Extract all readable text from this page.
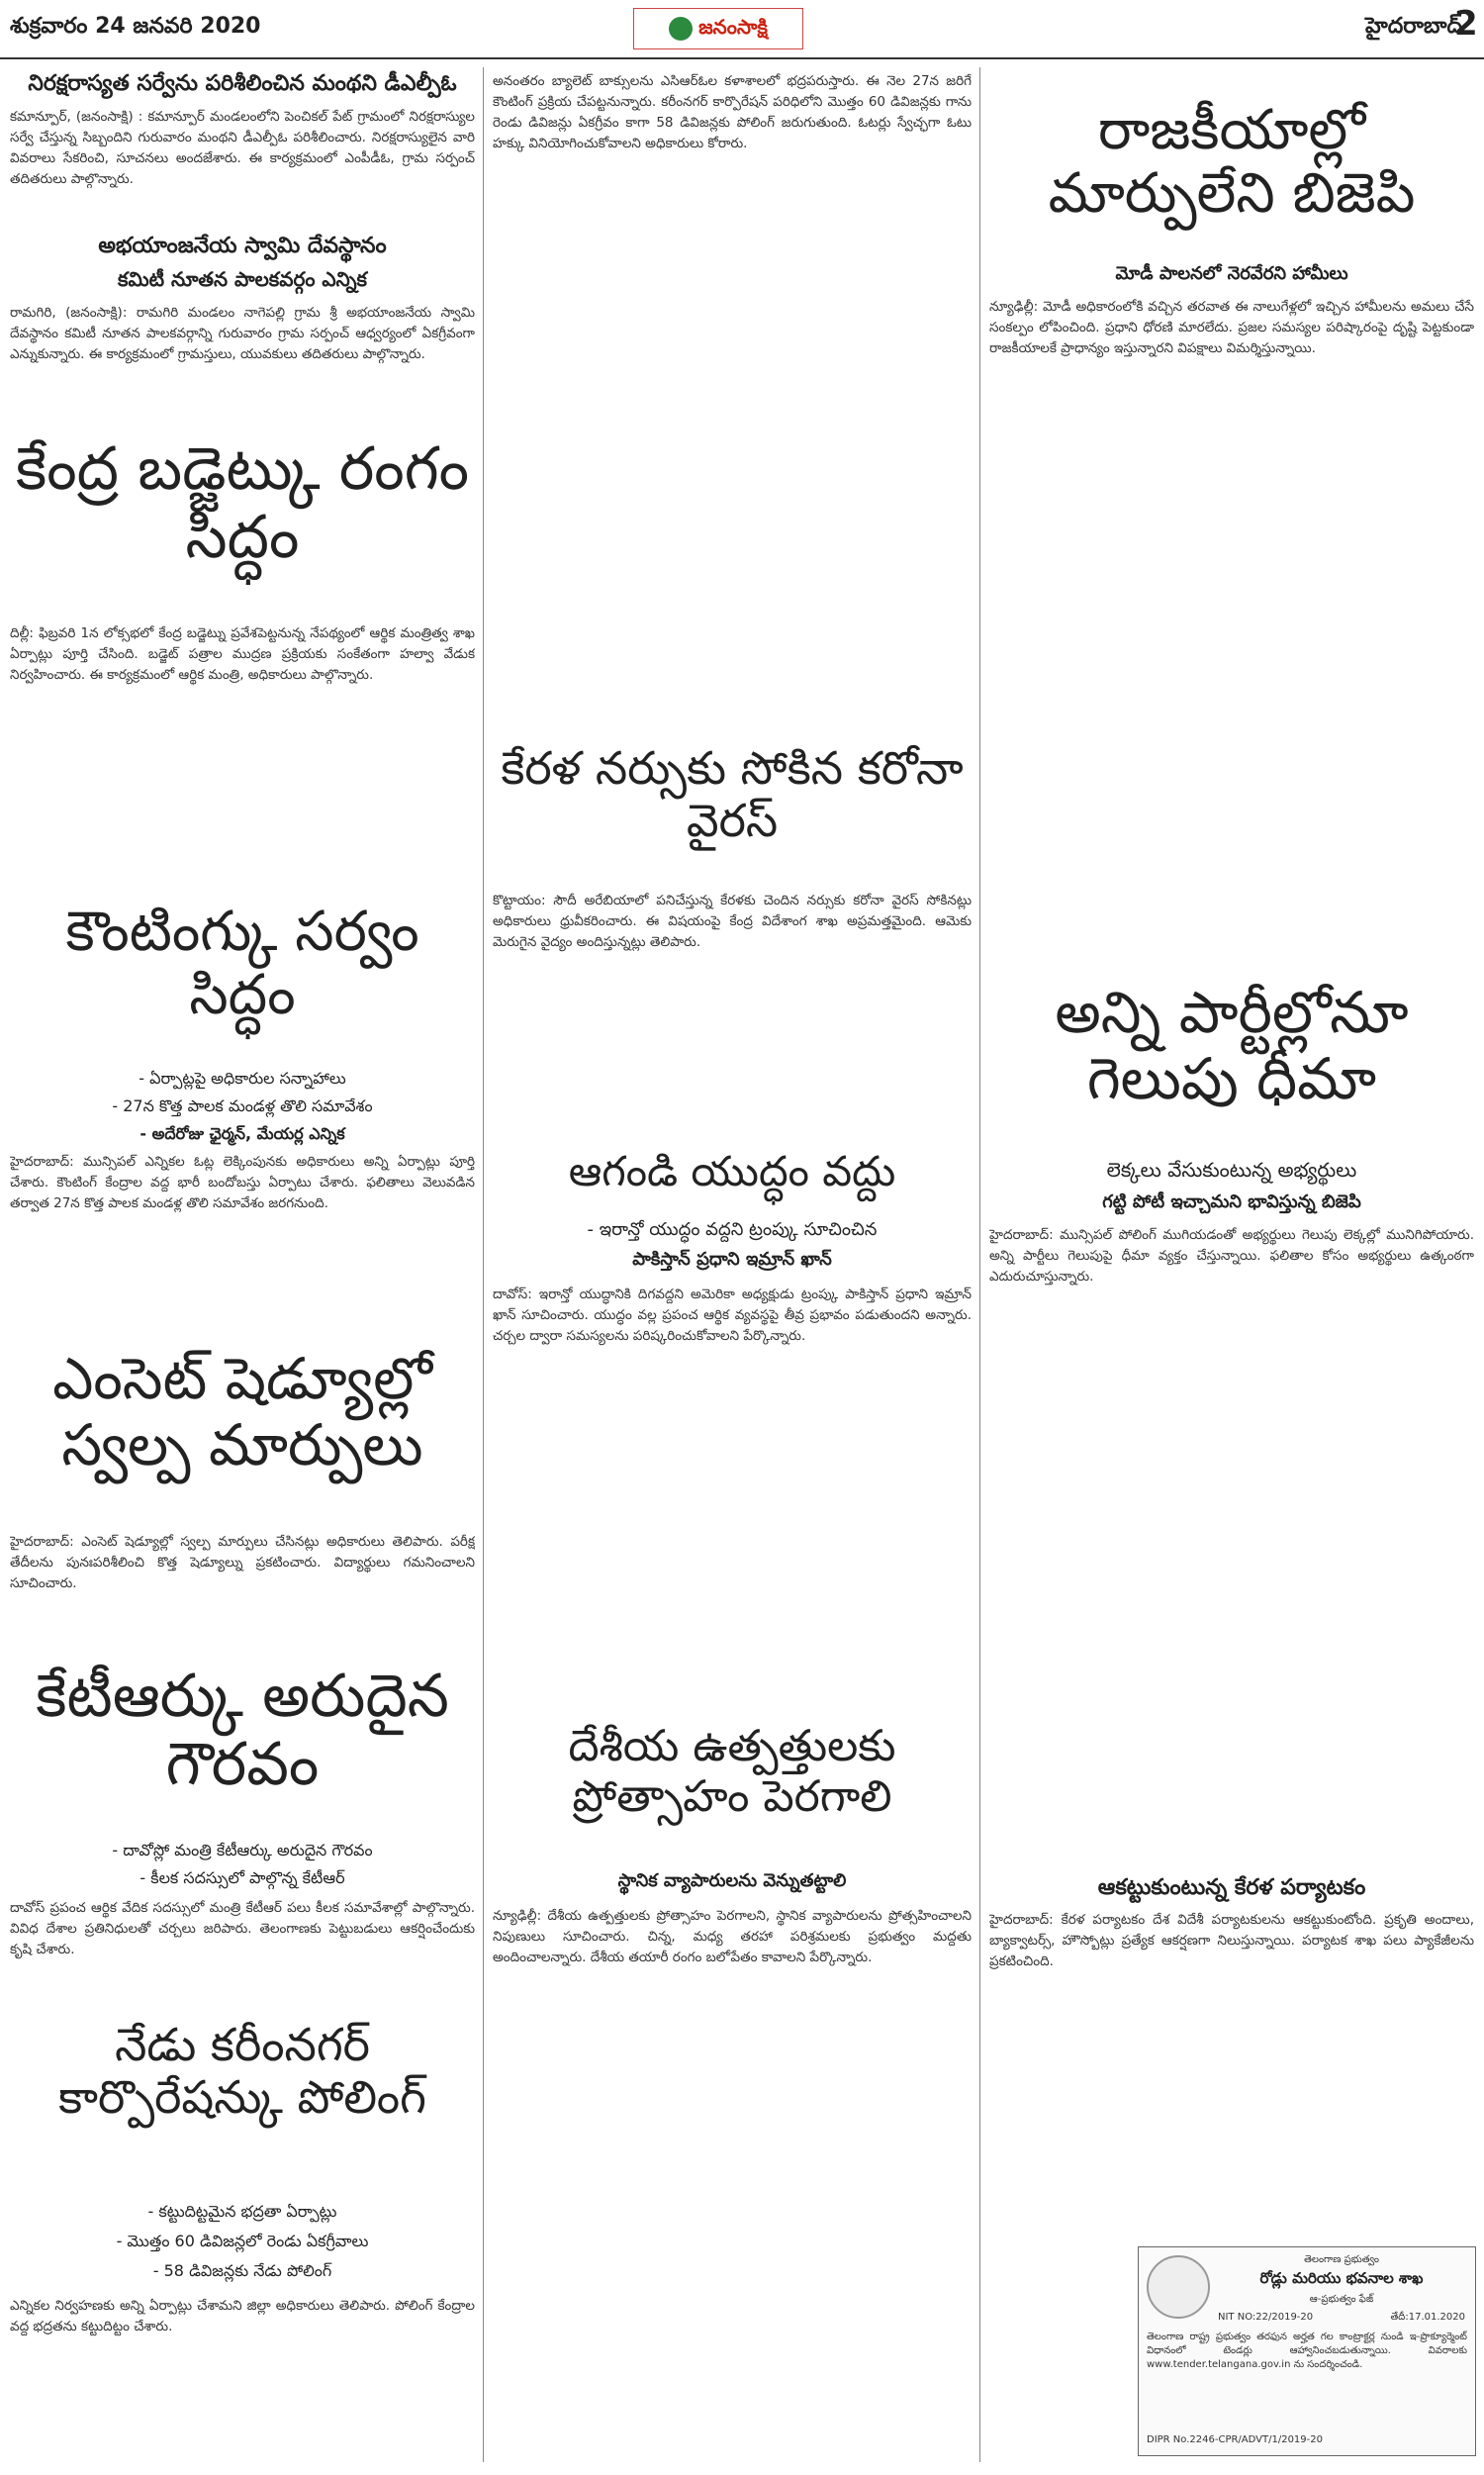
శుక్రవారం 24 జనవరి 2020	జనంసాక్షి	హైదరాబాద్
2
నిరక్షరాస్యత సర్వేను పరిశీలించిన మంథని డీఎల్పీఓ
కమాన్పూర్, (జనంసాక్షి) : కమాన్పూర్ మండలంలోని పెంచికల్ పేట్ గ్రామంలో నిరక్షరాస్యుల సర్వే చేస్తున్న సిబ్బందిని గురువారం మంథని డీఎల్పీఓ పరిశీలించారు. నిరక్షరాస్యులైన వారి వివరాలు సేకరించి, సూచనలు అందజేశారు. ఈ కార్యక్రమంలో ఎంపీడీఓ, గ్రామ సర్పంచ్ తదితరులు పాల్గొన్నారు.
అభయాంజనేయ స్వామి దేవస్థానం
కమిటీ నూతన పాలకవర్గం ఎన్నిక
రామగిరి, (జనంసాక్షి): రామగిరి మండలం నాగెపల్లి గ్రామ శ్రీ అభయాంజనేయ స్వామి దేవస్థానం కమిటీ నూతన పాలకవర్గాన్ని గురువారం గ్రామ సర్పంచ్ ఆధ్వర్యంలో ఏకగ్రీవంగా ఎన్నుకున్నారు. ఈ కార్యక్రమంలో గ్రామస్తులు, యువకులు తదితరులు పాల్గొన్నారు.
కేంద్ర బడ్జెట్కు రంగం సిద్ధం
దిల్లీ: ఫిబ్రవరి 1న లోక్సభలో కేంద్ర బడ్జెట్ను ప్రవేశపెట్టనున్న నేపథ్యంలో ఆర్థిక మంత్రిత్వ శాఖ ఏర్పాట్లు పూర్తి చేసింది. బడ్జెట్ పత్రాల ముద్రణ ప్రక్రియకు సంకేతంగా హల్వా వేడుక నిర్వహించారు. ఈ కార్యక్రమంలో ఆర్థిక మంత్రి, అధికారులు పాల్గొన్నారు.
కౌంటింగ్కు సర్వం సిద్ధం
- ఏర్పాట్లపై అధికారుల సన్నాహాలు
- 27న కొత్త పాలక మండళ్ల తొలి సమావేశం
- అదేరోజు ఛైర్మన్, మేయర్ల ఎన్నిక
హైదరాబాద్: మున్సిపల్ ఎన్నికల ఓట్ల లెక్కింపునకు అధికారులు అన్ని ఏర్పాట్లు పూర్తి చేశారు. కౌంటింగ్ కేంద్రాల వద్ద భారీ బందోబస్తు ఏర్పాటు చేశారు. ఫలితాలు వెలువడిన తర్వాత 27న కొత్త పాలక మండళ్ల తొలి సమావేశం జరగనుంది.
ఎంసెట్ షెడ్యూల్లో స్వల్ప మార్పులు
హైదరాబాద్: ఎంసెట్ షెడ్యూల్లో స్వల్ప మార్పులు చేసినట్లు అధికారులు తెలిపారు. పరీక్ష తేదీలను పునఃపరిశీలించి కొత్త షెడ్యూల్ను ప్రకటించారు. విద్యార్థులు గమనించాలని సూచించారు.
కేటీఆర్కు అరుదైన గౌరవం
- దావోస్లో మంత్రి కేటీఆర్కు అరుదైన గౌరవం
- కీలక సదస్సులో పాల్గొన్న కేటీఆర్
దావోస్ ప్రపంచ ఆర్థిక వేదిక సదస్సులో మంత్రి కేటీఆర్ పలు కీలక సమావేశాల్లో పాల్గొన్నారు. వివిధ దేశాల ప్రతినిధులతో చర్చలు జరిపారు. తెలంగాణకు పెట్టుబడులు ఆకర్షించేందుకు కృషి చేశారు.
నేడు కరీంనగర్ కార్పొరేషన్కు పోలింగ్
- కట్టుదిట్టమైన భద్రతా ఏర్పాట్లు
- మొత్తం 60 డివిజన్లలో రెండు ఏకగ్రీవాలు
- 58 డివిజన్లకు నేడు పోలింగ్
ఎన్నికల నిర్వహణకు అన్ని ఏర్పాట్లు చేశామని జిల్లా అధికారులు తెలిపారు. పోలింగ్ కేంద్రాల వద్ద భద్రతను కట్టుదిట్టం చేశారు.
అనంతరం బ్యాలెట్ బాక్సులను ఎసిఆర్ఓల కళాశాలలో భద్రపరుస్తారు. ఈ నెల 27న జరిగే కౌంటింగ్ ప్రక్రియ చేపట్టనున్నారు. కరీంనగర్ కార్పొరేషన్ పరిధిలోని మొత్తం 60 డివిజన్లకు గాను రెండు డివిజన్లు ఏకగ్రీవం కాగా 58 డివిజన్లకు పోలింగ్ జరుగుతుంది. ఓటర్లు స్వేచ్ఛగా ఓటు హక్కు వినియోగించుకోవాలని అధికారులు కోరారు.
కేరళ నర్సుకు సోకిన కరోనా వైరస్
కొట్టాయం: సౌదీ అరేబియాలో పనిచేస్తున్న కేరళకు చెందిన నర్సుకు కరోనా వైరస్ సోకినట్లు అధికారులు ధ్రువీకరించారు. ఈ విషయంపై కేంద్ర విదేశాంగ శాఖ అప్రమత్తమైంది. ఆమెకు మెరుగైన వైద్యం అందిస్తున్నట్లు తెలిపారు.
ఆగండి యుద్ధం వద్దు
- ఇరాన్తో యుద్ధం వద్దని ట్రంప్కు సూచించిన
పాకిస్తాన్ ప్రధాని ఇమ్రాన్ ఖాన్
దావోస్: ఇరాన్తో యుద్ధానికి దిగవద్దని అమెరికా అధ్యక్షుడు ట్రంప్కు పాకిస్తాన్ ప్రధాని ఇమ్రాన్ ఖాన్ సూచించారు. యుద్ధం వల్ల ప్రపంచ ఆర్థిక వ్యవస్థపై తీవ్ర ప్రభావం పడుతుందని అన్నారు. చర్చల ద్వారా సమస్యలను పరిష్కరించుకోవాలని పేర్కొన్నారు.
దేశీయ ఉత్పత్తులకు ప్రోత్సాహం పెరగాలి
స్థానిక వ్యాపారులను వెన్నుతట్టాలి
న్యూఢిల్లీ: దేశీయ ఉత్పత్తులకు ప్రోత్సాహం పెరగాలని, స్థానిక వ్యాపారులను ప్రోత్సహించాలని నిపుణులు సూచించారు. చిన్న, మధ్య తరహా పరిశ్రమలకు ప్రభుత్వం మద్దతు అందించాలన్నారు. దేశీయ తయారీ రంగం బలోపేతం కావాలని పేర్కొన్నారు.
రాజకీయాల్లో మార్పులేని బిజెపి
మోడీ పాలనలో నెరవేరని హామీలు
న్యూఢిల్లీ: మోడీ అధికారంలోకి వచ్చిన తరవాత ఈ నాలుగేళ్లలో ఇచ్చిన హామీలను అమలు చేసే సంకల్పం లోపించింది. ప్రధాని ధోరణి మారలేదు. ప్రజల సమస్యల పరిష్కారంపై దృష్టి పెట్టకుండా రాజకీయాలకే ప్రాధాన్యం ఇస్తున్నారని విపక్షాలు విమర్శిస్తున్నాయి.
అన్ని పార్టీల్లోనూ గెలుపు ధీమా
లెక్కలు వేసుకుంటున్న అభ్యర్థులు
గట్టి పోటీ ఇచ్చామని భావిస్తున్న బిజెపి
హైదరాబాద్: మున్సిపల్ పోలింగ్ ముగియడంతో అభ్యర్థులు గెలుపు లెక్కల్లో మునిగిపోయారు. అన్ని పార్టీలు గెలుపుపై ధీమా వ్యక్తం చేస్తున్నాయి. ఫలితాల కోసం అభ్యర్థులు ఉత్కంఠగా ఎదురుచూస్తున్నారు.
ఆకట్టుకుంటున్న కేరళ పర్యాటకం
హైదరాబాద్: కేరళ పర్యాటకం దేశ విదేశీ పర్యాటకులను ఆకట్టుకుంటోంది. ప్రకృతి అందాలు, బ్యాక్వాటర్స్, హౌస్బోట్లు ప్రత్యేక ఆకర్షణగా నిలుస్తున్నాయి. పర్యాటక శాఖ పలు ప్యాకేజీలను ప్రకటించింది.
తెలంగాణ ప్రభుత్వం
రోడ్లు మరియు భవనాల శాఖ
ఆ-ప్రభుత్వం ఫేజ్
NIT NO:22/2019-20	తేదీ:17.01.2020
తెలంగాణ రాష్ట్ర ప్రభుత్వం తరఫున అర్హత గల కాంట్రాక్టర్ల నుండి ఇ-ప్రొక్యూర్మెంట్ విధానంలో టెండర్లు ఆహ్వానించబడుతున్నాయి. వివరాలకు www.tender.telangana.gov.in ను సందర్శించండి.
DIPR No.2246-CPR/ADVT/1/2019-20
